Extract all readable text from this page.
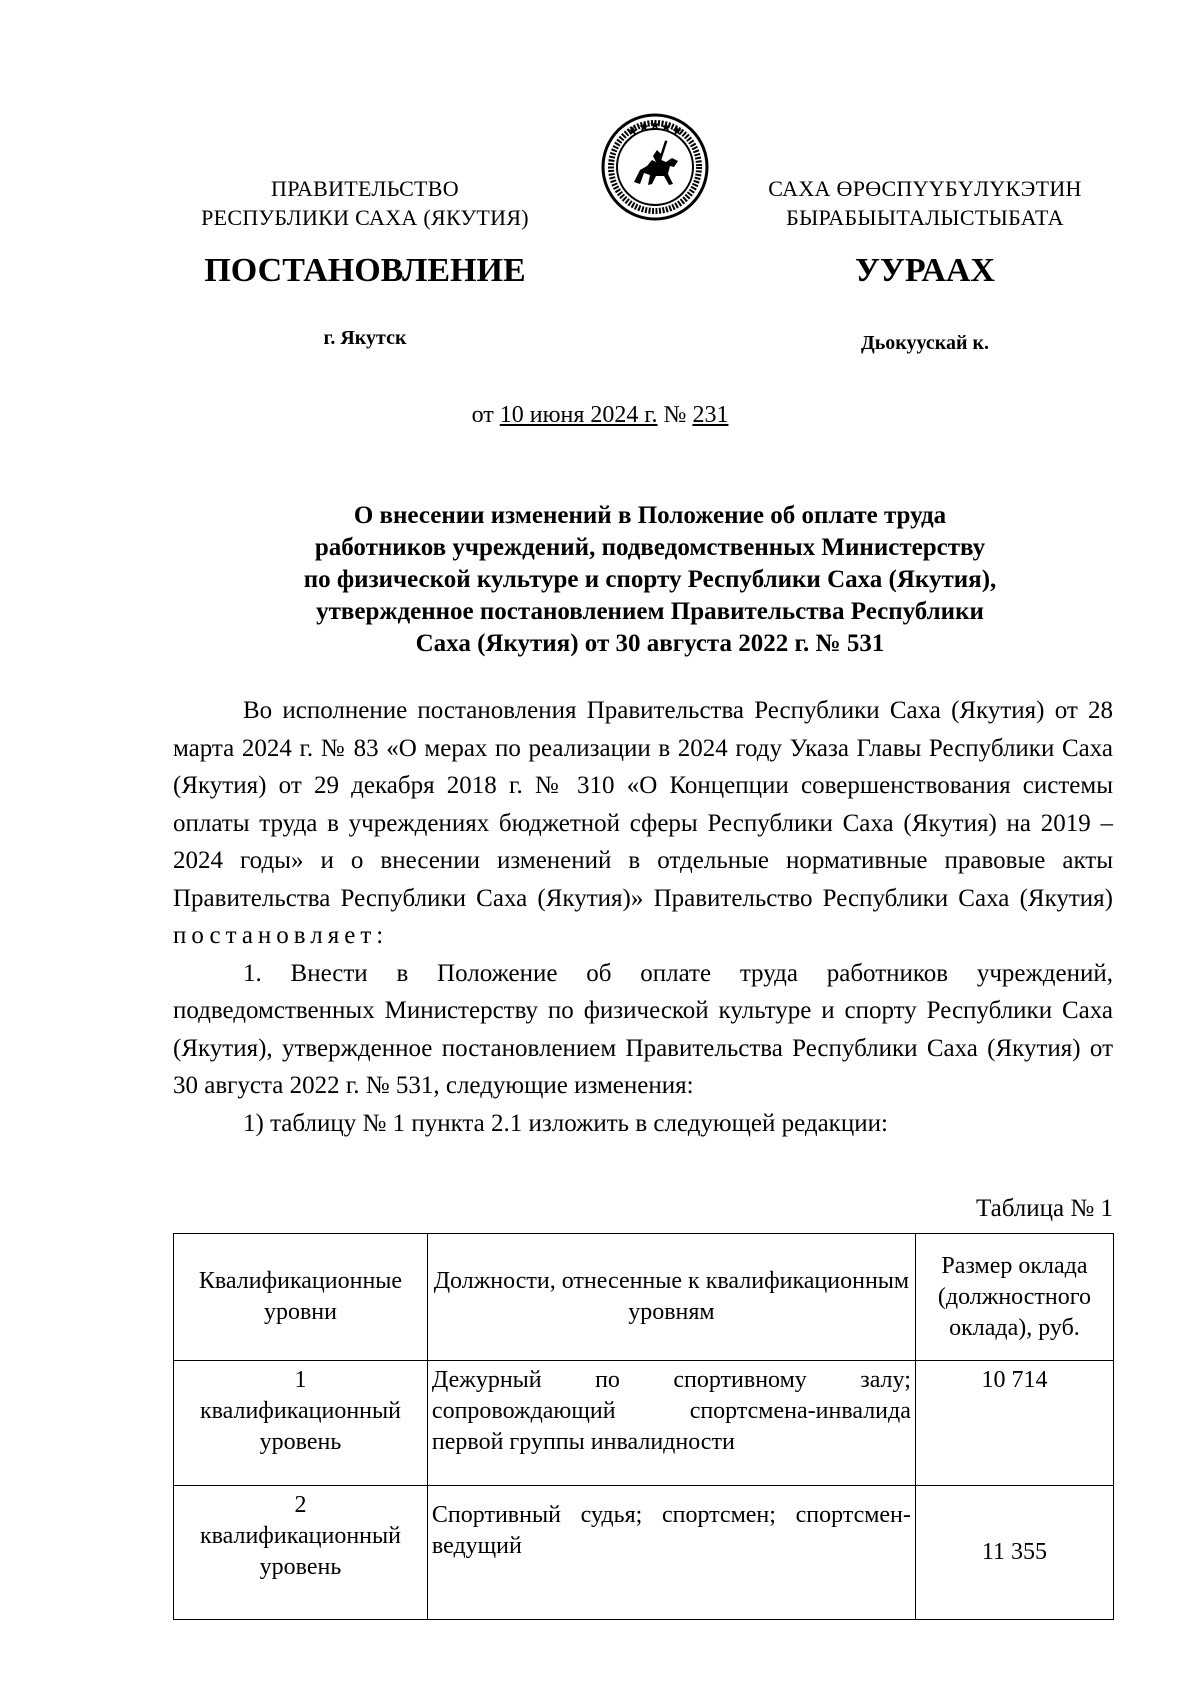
ПРАВИТЕЛЬСТВО
РЕСПУБЛИКИ САХА (ЯКУТИЯ)
САХА ӨРӨСПҮҮБҮЛҮКЭТИН
БЫРАБЫЫТАЛЫСТЫБАТА
ПОСТАНОВЛЕНИЕ	УУРААХ
г. Якутск	Дьокуускай к.
от 10 июня 2024 г. № 231
О внесении изменений в Положение об оплате труда
работников учреждений, подведомственных Министерству
по физической культуре и спорту Республики Саха (Якутия),
утвержденное постановлением Правительства Республики
Саха (Якутия) от 30 августа 2022 г. № 531

Во исполнение постановления Правительства Республики Саха (Якутия) от 28 марта 2024 г. № 83 «О мерах по реализации в 2024 году Указа Главы Республики Саха (Якутия) от 29 декабря 2018 г. № 310 «О Концепции совершенствования системы оплаты труда в учреждениях бюджетной сферы Республики Саха (Якутия) на 2019 – 2024 годы» и о внесении изменений в отдельные нормативные правовые акты Правительства Республики Саха (Якутия)» Правительство Республики Саха (Якутия) постановляет:

1. Внести в Положение об оплате труда работников учреждений, подведомственных Министерству по физической культуре и спорту Республики Саха (Якутия), утвержденное постановлением Правительства Республики Саха (Якутия) от 30 августа 2022 г. № 531, следующие изменения:

1) таблицу № 1 пункта 2.1 изложить в следующей редакции:

Таблица № 1
Квалификационные уровни	Должности, отнесенные к квалификационным уровням	Размер оклада (должностного оклада), руб.

1
квалификационный
уровень	Дежурный по спортивному залу; сопровождающий спортсмена-инвалида первой группы инвалидности	10 714

2
квалификационный
уровень	Спортивный судья; спортсмен; спортсмен-ведущий	11 355
